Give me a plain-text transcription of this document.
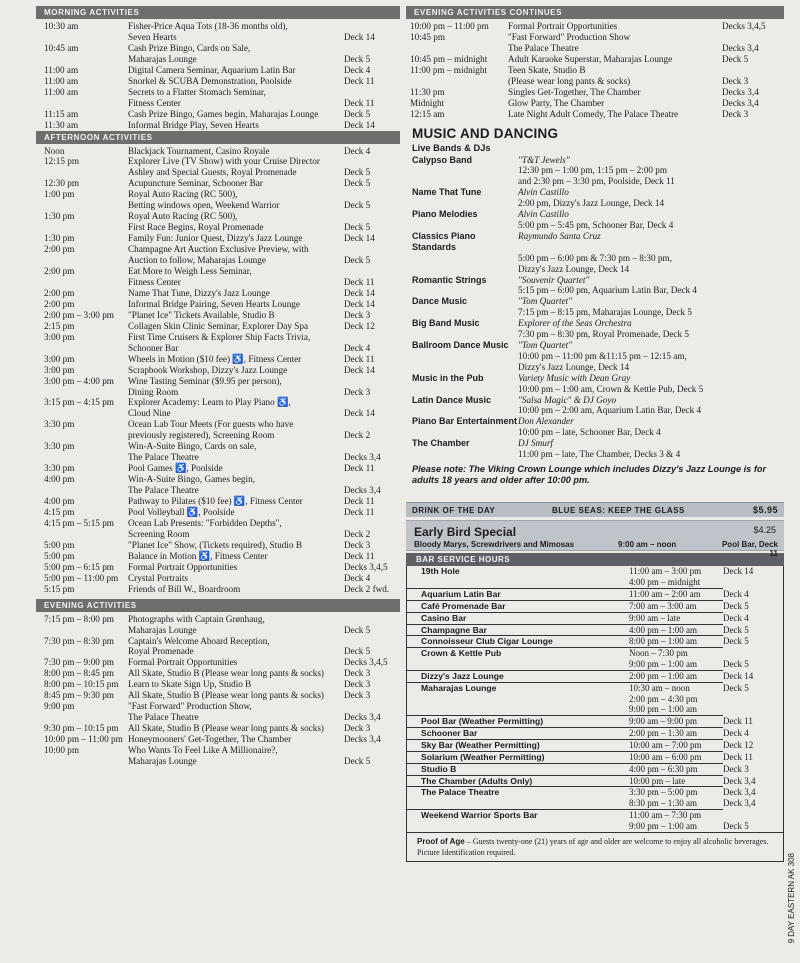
MORNING ACTIVITIES
10:30 am	Fisher-Price Aqua Tots (18-36 months old),
Seven Hearts	Deck 14
10:45 am	Cash Prize Bingo, Cards on Sale,
Maharajas Lounge	Deck 5
11:00 am	Digital Camera Seminar, Aquarium Latin Bar	Deck 4
11:00 am	Snorkel & SCUBA Demonstration, Poolside	Deck 11
11:00 am	Secrets to a Flatter Stomach Seminar,
Fitness Center	Deck 11
11:15 am	Cash Prize Bingo, Games begin, Maharajas Lounge	Deck 5
11:30 am	Informal Bridge Play, Seven Hearts	Deck 14
AFTERNOON ACTIVITIES
Noon	Blackjack Tournament, Casino Royale	Deck 4
12:15 pm	Explorer Live (TV Show) with your Cruise Director
Ashley and Special Guests, Royal Promenade	Deck 5
12:30 pm	Acupuncture Seminar, Schooner Bar	Deck 5
1:00 pm	Royal Auto Racing (RC 500),
Betting windows open, Weekend Warrior	Deck 5
1:30 pm	Royal Auto Racing (RC 500),
First Race Begins, Royal Promenade	Deck 5
1:30 pm	Family Fun: Junior Quest, Dizzy's Jazz Lounge	Deck 14
2:00 pm	Champagne Art Auction Exclusive Preview, with
Auction to follow, Maharajas Lounge	Deck 5
2:00 pm	Eat More to Weigh Less Seminar,
Fitness Center	Deck 11
2:00 pm	Name That Tune, Dizzy's Jazz Lounge	Deck 14
2:00 pm	Informal Bridge Pairing, Seven Hearts Lounge	Deck 14
2:00 pm – 3:00 pm	"Planet Ice" Tickets Available, Studio B	Deck 3
2:15 pm	Collagen Skin Clinic Seminar, Explorer Day Spa	Deck 12
3:00 pm	First Time Cruisers & Explorer Ship Facts Trivia,
Schooner Bar	Deck 4
3:00 pm	Wheels in Motion ($10 fee) ♿, Fitness Center	Deck 11
3:00 pm	Scrapbook Workshop, Dizzy's Jazz Lounge	Deck 14
3:00 pm – 4:00 pm	Wine Tasting Seminar ($9.95 per person),
Dining Room	Deck 3
3:15 pm – 4:15 pm	Explorer Academy: Learn to Play Piano ♿,
Cloud Nine	Deck 14
3:30 pm	Ocean Lab Tour Meets (For guests who have
previously registered), Screening Room	Deck 2
3:30 pm	Win-A-Suite Bingo, Cards on sale,
The Palace Theatre	Decks 3,4
3:30 pm	Pool Games ♿, Poolside	Deck 11
4:00 pm	Win-A-Suite Bingo, Games begin,
The Palace Theatre	Decks 3,4
4:00 pm	Pathway to Pilates ($10 fee) ♿, Fitness Center	Deck 11
4:15 pm	Pool Volleyball ♿, Poolside	Deck 11
4:15 pm – 5:15 pm	Ocean Lab Presents: "Forbidden Depths",
Screening Room	Deck 2
5:00 pm	"Planet Ice" Show, (Tickets required), Studio B	Deck 3
5:00 pm	Balance in Motion ♿, Fitness Center	Deck 11
5:00 pm – 6:15 pm	Formal Portrait Opportunities	Decks 3,4,5
5:00 pm – 11:00 pm	Crystal Portraits	Deck 4
5:15 pm	Friends of Bill W., Boardroom	Deck 2 fwd.
EVENING ACTIVITIES
7:15 pm – 8:00 pm	Photographs with Captain Grønhaug,
Maharajas Lounge	Deck 5
7:30 pm – 8:30 pm	Captain's Welcome Aboard Reception,
Royal Promenade	Deck 5
7:30 pm – 9:00 pm	Formal Portrait Opportunities	Decks 3,4,5
8:00 pm – 8:45 pm	All Skate, Studio B (Please wear long pants & socks)	Deck 3
8:00 pm – 10:15 pm	Learn to Skate Sign Up, Studio B	Deck 3
8:45 pm – 9:30 pm	All Skate, Studio B (Please wear long pants & socks)	Deck 3
9:00 pm	"Fast Forward" Production Show,
The Palace Theatre	Decks 3,4
9:30 pm – 10:15 pm	All Skate, Studio B (Please wear long pants & socks)	Deck 3
10:00 pm – 11:00 pm Honeymooners' Get-Together, The Chamber	Decks 3,4
10:00 pm	Who Wants To Feel Like A Millionaire?,
Maharajas Lounge	Deck 5
EVENING ACTIVITIES CONTINUES
10:00 pm – 11:00 pm	Formal Portrait Opportunities	Decks 3,4,5
10:45 pm	"Fast Forward" Production Show
The Palace Theatre	Decks 3,4
10:45 pm – midnight	Adult Karaoke Superstar, Maharajas Lounge	Deck 5
11:00 pm – midnight	Teen Skate, Studio B
(Please wear long pants & socks)	Deck 3
11:30 pm	Singles Get-Together, The Chamber	Decks 3,4
Midnight	Glow Party, The Chamber	Decks 3,4
12:15 am	Late Night Adult Comedy, The Palace Theatre	Deck 3
MUSIC AND DANCING
Live Bands & DJs
Calypso Band	"T&T Jewels"
12:30 pm – 1:00 pm, 1:15 pm – 2:00 pm
and 2:30 pm – 3:30 pm, Poolside, Deck 11
Name That Tune	Alvin Castillo
2:00 pm, Dizzy's Jazz Lounge, Deck 14
Piano Melodies	Alvin Castillo
5:00 pm – 5:45 pm, Schooner Bar, Deck 4
Classics Piano Standards
Raymundo Santa Cruz
5:00 pm – 6:00 pm & 7:30 pm – 8:30 pm,
Dizzy's Jazz Lounge, Deck 14
Romantic Strings	"Souvenir Quartet"
5:15 pm – 6:00 pm, Aquarium Latin Bar, Deck 4
Dance Music	"Tom Quartet"
7:15 pm – 8:15 pm, Maharajas Lounge, Deck 5
Big Band Music	Explorer of the Seas Orchestra
7:30 pm – 8:30 pm, Royal Promenade, Deck 5
Ballroom Dance Music	"Tom Quartet"
10:00 pm – 11:00 pm &11:15 pm – 12:15 am,
Dizzy's Jazz Lounge, Deck 14
Music in the Pub	Variety Music with Dean Gray
10:00 pm – 1:00 am, Crown & Kettle Pub, Deck 5
Latin Dance Music	"Salsa Magic" & DJ Goyo
10:00 pm – 2:00 am, Aquarium Latin Bar, Deck 4
Piano Bar Entertainment Don Alexander
10:00 pm – late, Schooner Bar, Deck 4
The Chamber	DJ Smurf
11:00 pm – late, The Chamber, Decks 3 & 4
Please note: The Viking Crown Lounge which includes Dizzy's Jazz Lounge is for adults 18 years and older after 10:00 pm.
DRINK OF THE DAY	BLUE SEAS: KEEP THE GLASS	$5.95
Early Bird Special	$4.25
Bloody Marys, Screwdrivers and Mimosas	9:00 am – noon	Pool Bar, Deck 11
BAR SERVICE HOURS
19th Hole	11:00 am – 3:00 pm	Deck 14
4:00 pm – midnight
Aquarium Latin Bar	11:00 am – 2:00 am	Deck 4
Café Promenade Bar	7:00 am – 3:00 am	Deck 5
Casino Bar	9:00 am – late	Deck 4
Champagne Bar	4:00 pm – 1:00 am	Deck 5
Connoisseur Club Cigar Lounge	8:00 pm – 1:00 am	Deck 5
Crown & Kettle Pub	Noon – 7:30 pm
9:00 pm – 1:00 am	Deck 5
Dizzy's Jazz Lounge	2:00 pm – 1:00 am	Deck 14
Maharajas Lounge	10:30 am – noon	Deck 5
2:00 pm – 4:30 pm
9:00 pm – 1:00 am
Pool Bar (Weather Permitting)	9:00 am – 9:00 pm	Deck 11
Schooner Bar	2:00 pm – 1:30 am	Deck 4
Sky Bar (Weather Permitting)	10:00 am – 7:00 pm	Deck 12
Solarium (Weather Permitting)	10:00 am – 6:00 pm	Deck 11
Studio B	4:00 pm – 6:30 pm	Deck 3
The Chamber (Adults Only)	10:00 pm – late	Deck 3,4
The Palace Theatre	3:30 pm – 5:00 pm	Deck 3,4
8:30 pm – 1:30 am	Deck 3,4
Weekend Warrior Sports Bar	11:00 am – 7:30 pm
9:00 pm – 1:00 am	Deck 5
Proof of Age – Guests twenty-one (21) years of age and older are welcome to enjoy all alcoholic beverages. Picture Identification required.	9 DAY EASTERN AK 308
